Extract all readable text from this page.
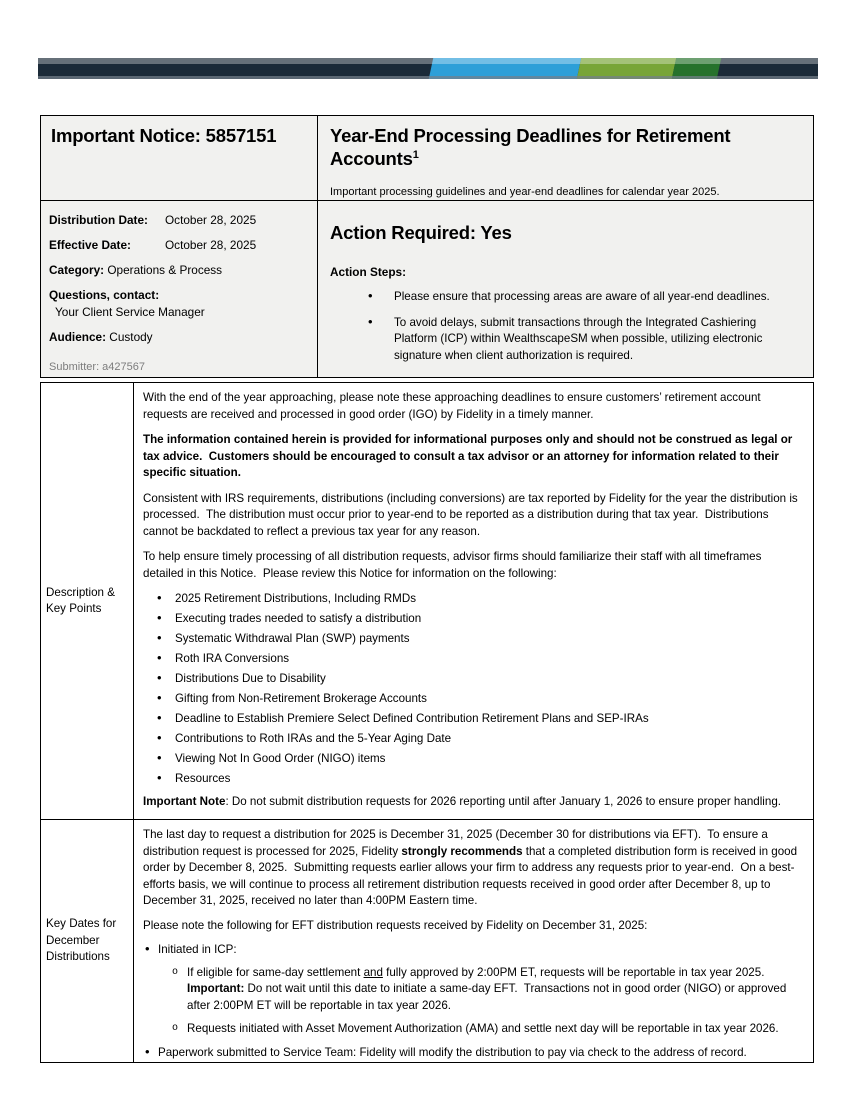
Important Notice: 5857151	Year-End Processing Deadlines for Retirement Accounts$^1$
Important processing guidelines and year-end deadlines for calendar year 2025.
Distribution Date:	October 28, 2025
Effective Date:	October 28, 2025
Category: Operations & Process
Questions, contact:
Your Client Service Manager
Audience: Custody
Submitter: a427567
Action Required: Yes
Action Steps:
• Please ensure that processing areas are aware of all year-end deadlines.
• To avoid delays, submit transactions through the Integrated Cashiering Platform (ICP) within WealthscapeSM when possible, utilizing electronic signature when client authorization is required.
Description & Key Points

With the end of the year approaching, please note these approaching deadlines to ensure customers’ retirement account requests are received and processed in good order (IGO) by Fidelity in a timely manner.

The information contained herein is provided for informational purposes only and should not be construed as legal or tax advice.  Customers should be encouraged to consult a tax advisor or an attorney for information related to their specific situation.

Consistent with IRS requirements, distributions (including conversions) are tax reported by Fidelity for the year the distribution is processed.  The distribution must occur prior to year-end to be reported as a distribution during that tax year.  Distributions cannot be backdated to reflect a previous tax year for any reason.

To help ensure timely processing of all distribution requests, advisor firms should familiarize their staff with all timeframes detailed in this Notice.  Please review this Notice for information on the following:

• 2025 Retirement Distributions, Including RMDs
• Executing trades needed to satisfy a distribution
• Systematic Withdrawal Plan (SWP) payments
• Roth IRA Conversions
• Distributions Due to Disability
• Gifting from Non-Retirement Brokerage Accounts
• Deadline to Establish Premiere Select Defined Contribution Retirement Plans and SEP-IRAs
• Contributions to Roth IRAs and the 5-Year Aging Date
• Viewing Not In Good Order (NIGO) items
• Resources

Important Note: Do not submit distribution requests for 2026 reporting until after January 1, 2026 to ensure proper handling.

Key Dates for December Distributions

The last day to request a distribution for 2025 is December 31, 2025 (December 30 for distributions via EFT).  To ensure a distribution request is processed for 2025, Fidelity strongly recommends that a completed distribution form is received in good order by December 8, 2025.  Submitting requests earlier allows your firm to address any requests prior to year-end.  On a best-efforts basis, we will continue to process all retirement distribution requests received in good order after December 8, up to December 31, 2025, received no later than 4:00PM Eastern time.

Please note the following for EFT distribution requests received by Fidelity on December 31, 2025:

• Initiated in ICP:
o If eligible for same-day settlement and fully approved by 2:00PM ET, requests will be reportable in tax year 2025. Important: Do not wait until this date to initiate a same-day EFT.  Transactions not in good order (NIGO) or approved after 2:00PM ET will be reportable in tax year 2026.
o Requests initiated with Asset Movement Authorization (AMA) and settle next day will be reportable in tax year 2026.
• Paperwork submitted to Service Team: Fidelity will modify the distribution to pay via check to the address of record.
